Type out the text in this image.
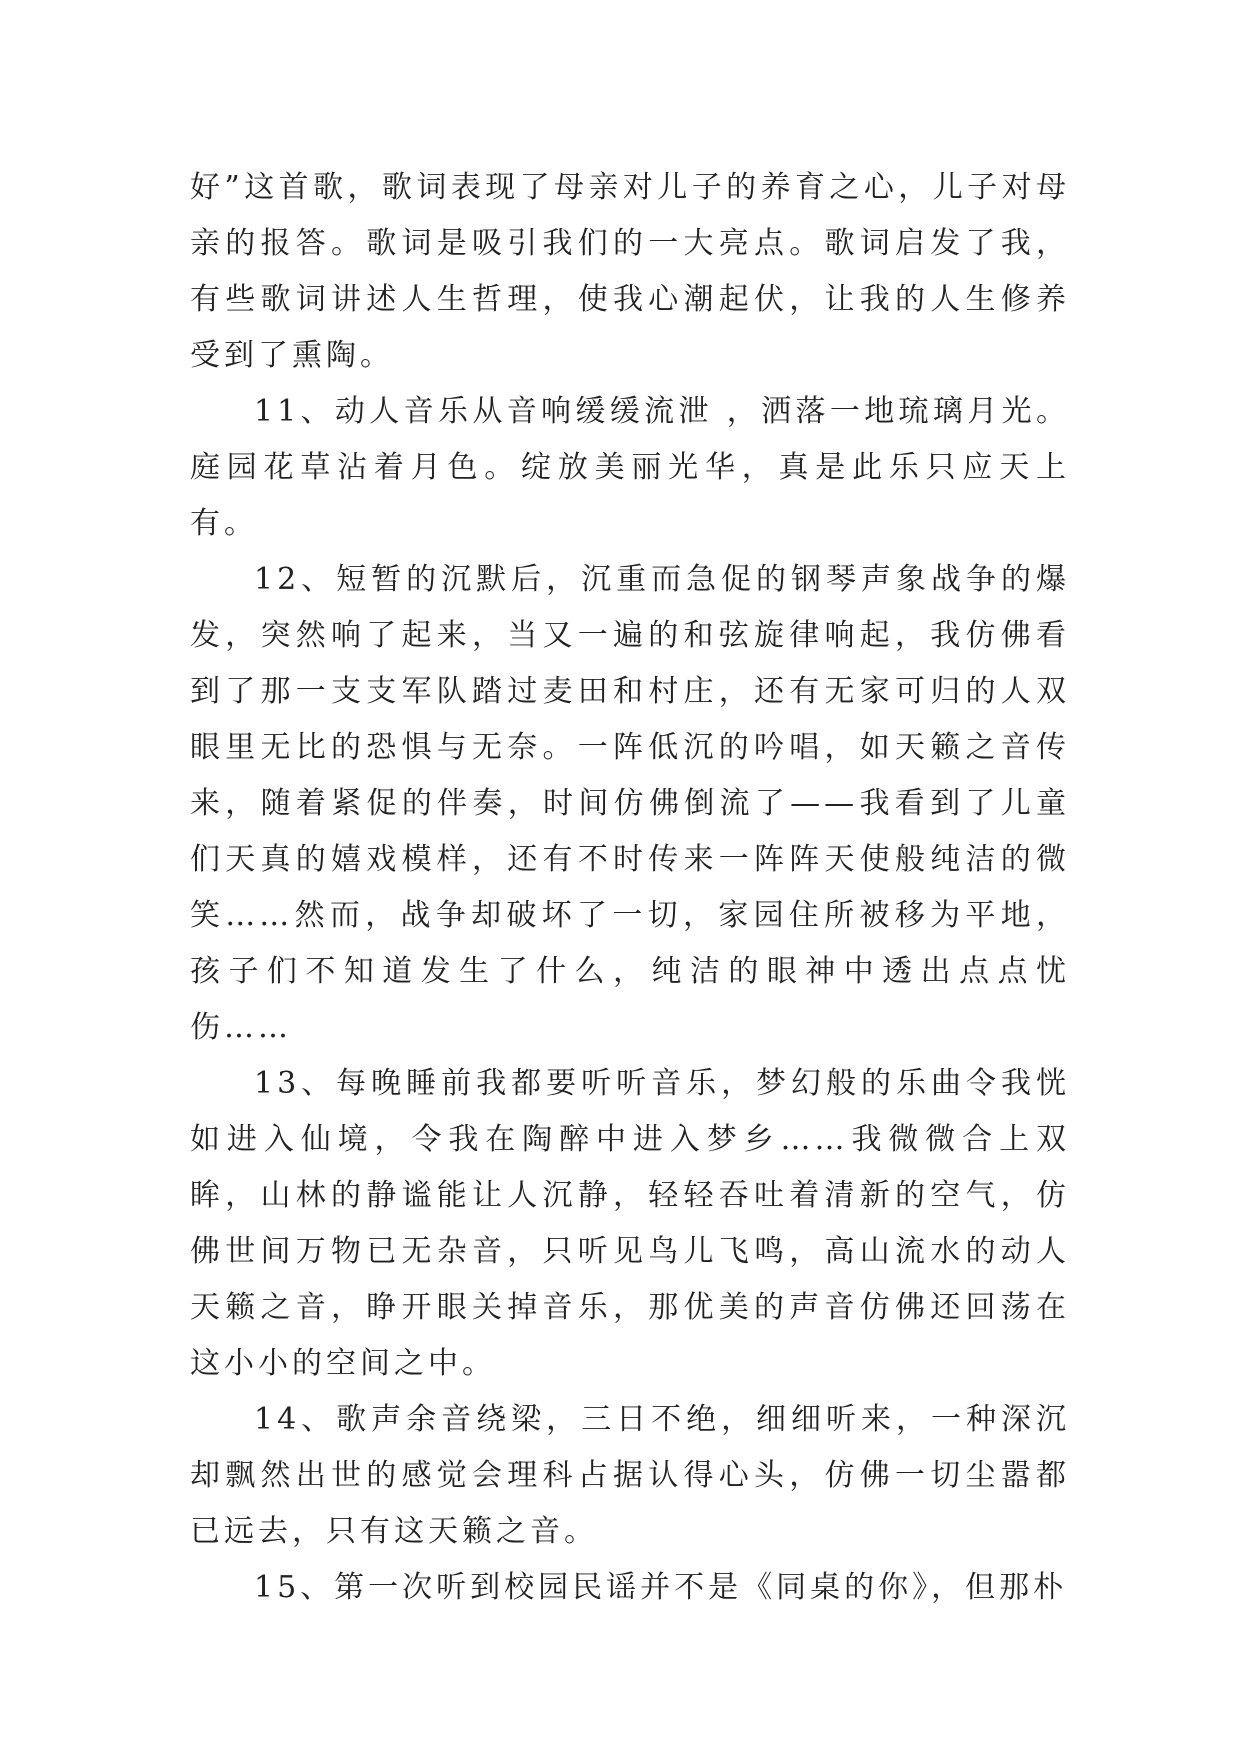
好”这首歌，歌词表现了母亲对儿子的养育之心，儿子对母亲的报答。歌词是吸引我们的一大亮点。歌词启发了我，有些歌词讲述人生哲理，使我心潮起伏，让我的人生修养受到了熏陶。

11、动人音乐从音响缓缓流泄 ，洒落一地琉璃月光。庭园花草沾着月色。绽放美丽光华，真是此乐只应天上有。

12、短暂的沉默后，沉重而急促的钢琴声象战争的爆发，突然响了起来，当又一遍的和弦旋律响起，我仿佛看到了那一支支军队踏过麦田和村庄，还有无家可归的人双眼里无比的恐惧与无奈。一阵低沉的吟唱，如天籁之音传来，随着紧促的伴奏，时间仿佛倒流了——我看到了儿童们天真的嬉戏模样，还有不时传来一阵阵天使般纯洁的微笑……然而，战争却破坏了一切，家园住所被移为平地，孩子们不知道发生了什么，纯洁的眼神中透出点点忧伤……

13、每晚睡前我都要听听音乐，梦幻般的乐曲令我恍如进入仙境，令我在陶醉中进入梦乡……我微微合上双眸，山林的静谧能让人沉静，轻轻吞吐着清新的空气，仿佛世间万物已无杂音，只听见鸟儿飞鸣，高山流水的动人天籁之音，睁开眼关掉音乐，那优美的声音仿佛还回荡在这小小的空间之中。

14、歌声余音绕梁，三日不绝，细细听来，一种深沉却飘然出世的感觉会理科占据认得心头，仿佛一切尘嚣都已远去，只有这天籁之音。

15、第一次听到校园民谣并不是《同桌的你》，但那朴
